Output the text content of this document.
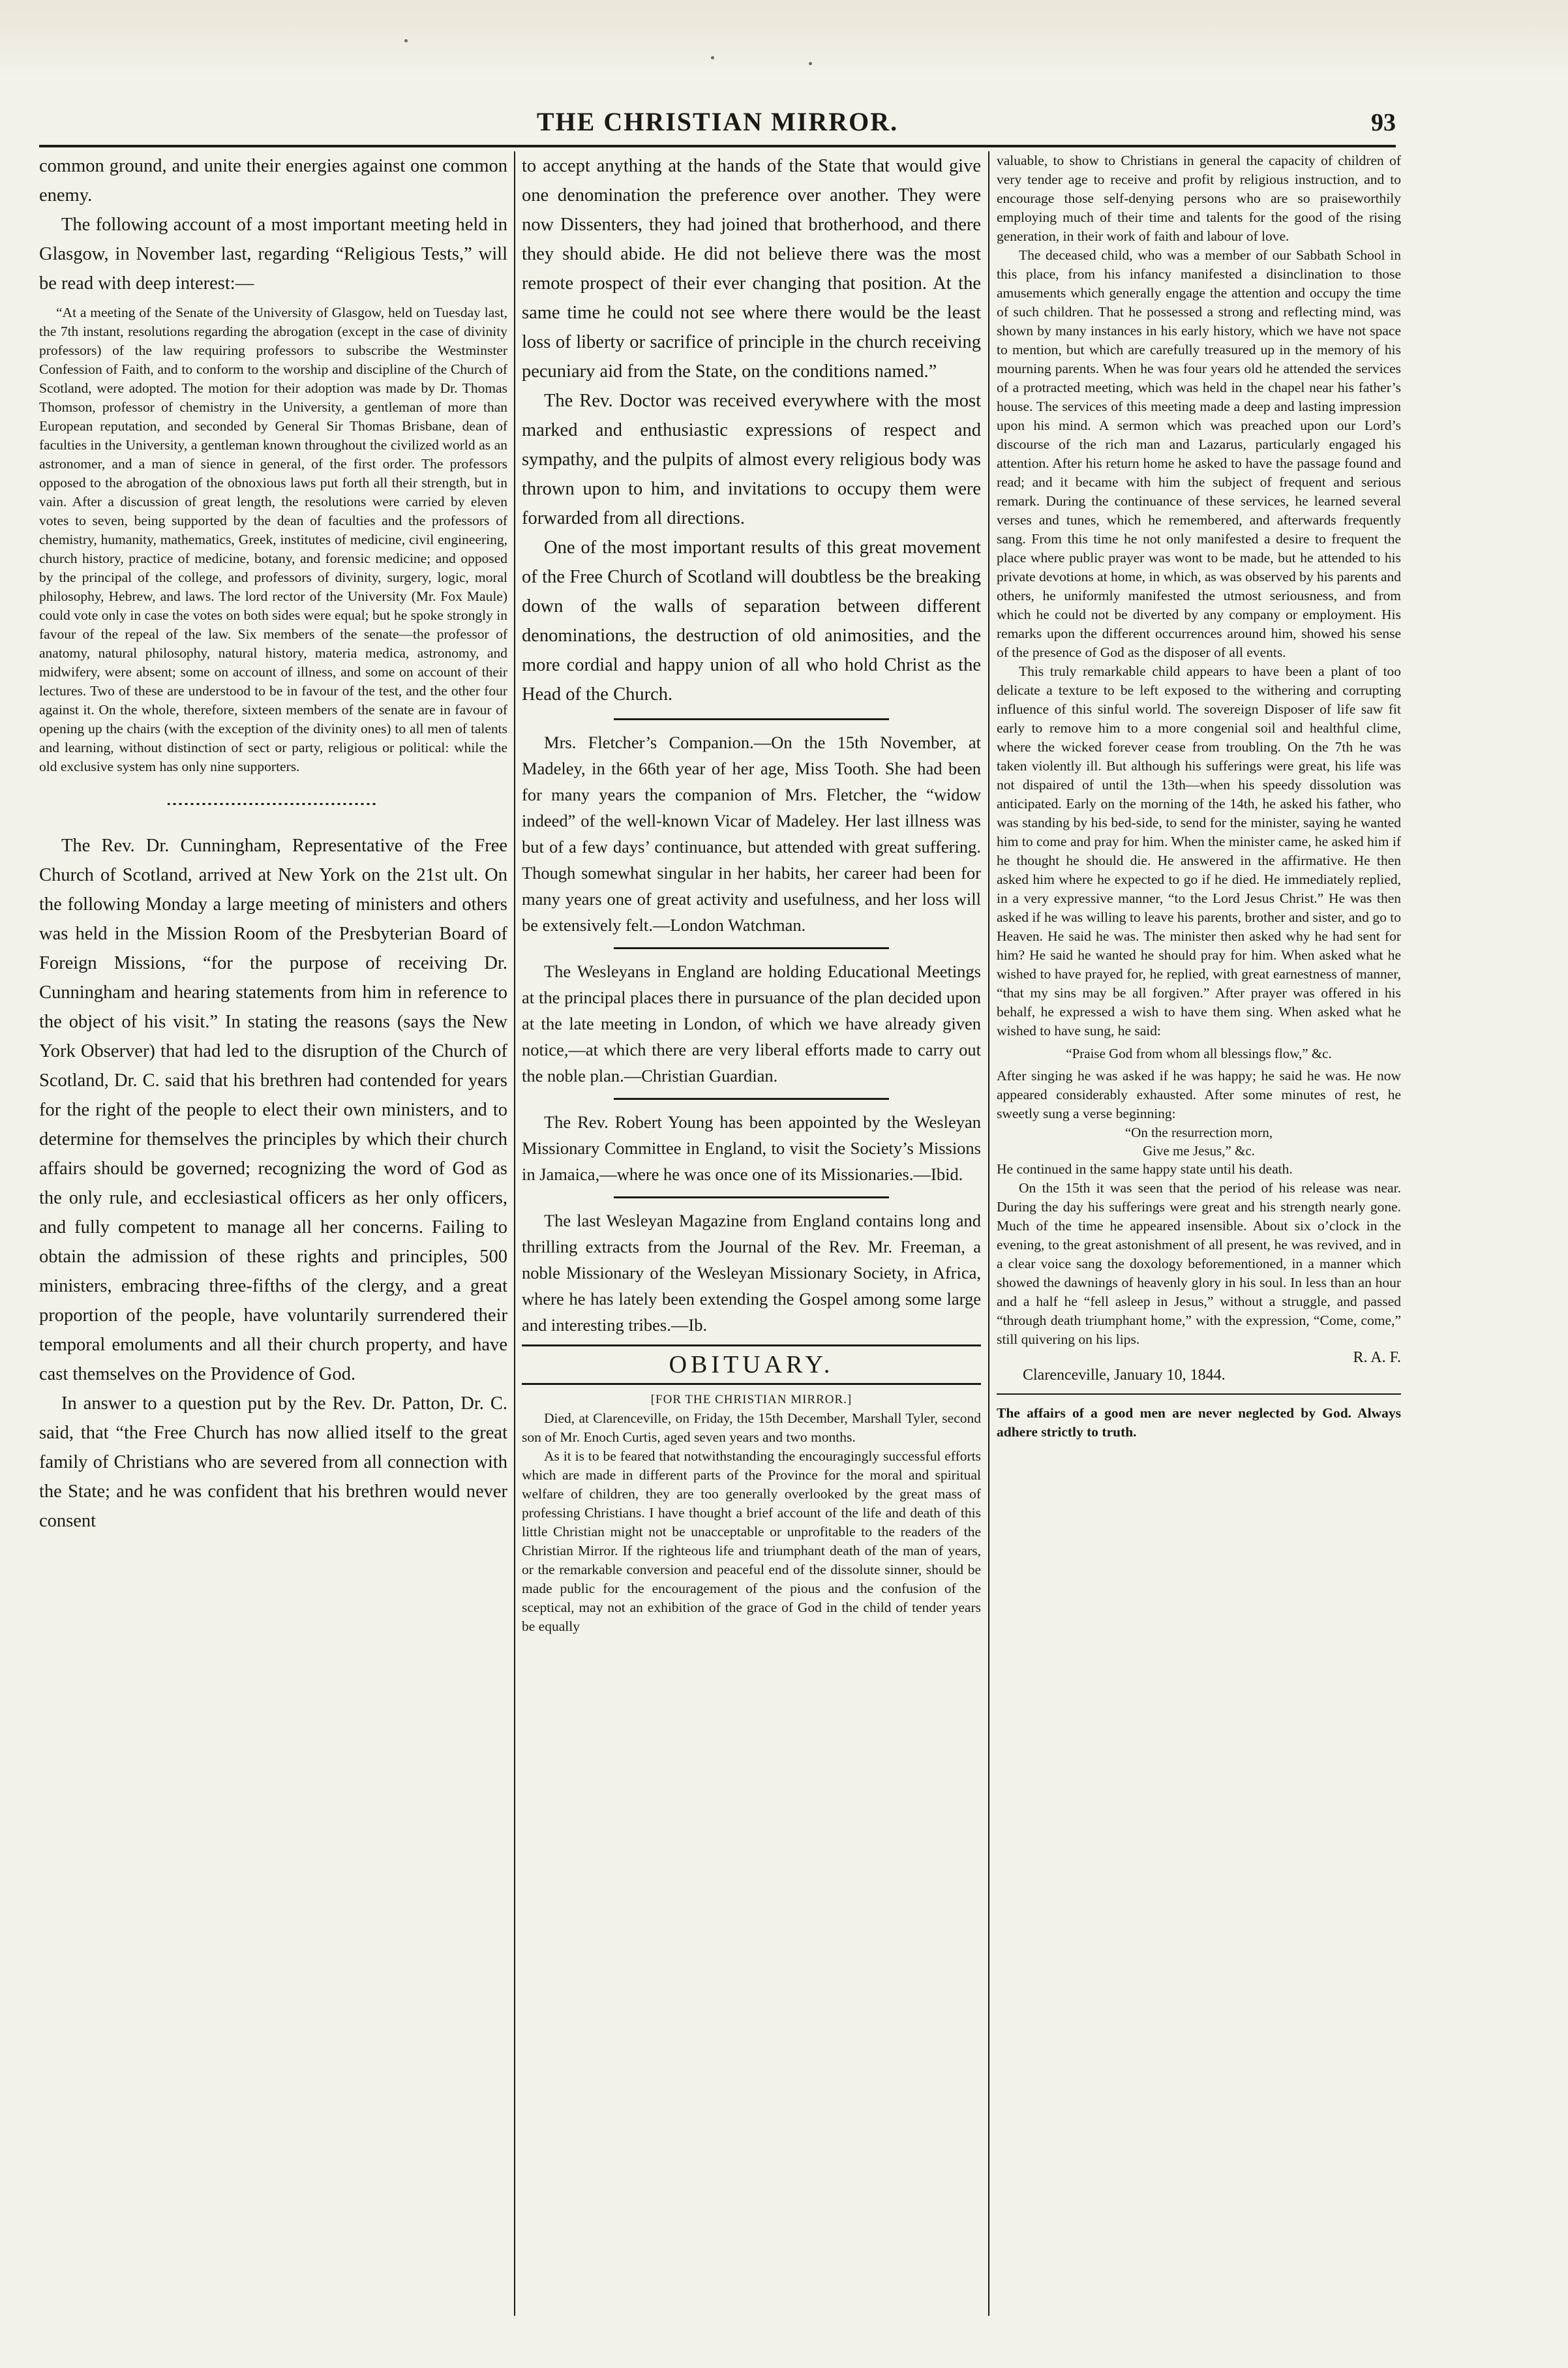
THE CHRISTIAN MIRROR.	93

common ground, and unite their energies against one common enemy.

The following account of a most important meeting held in Glasgow, in November last, regarding “Religious Tests,” will be read with deep interest:—

“At a meeting of the Senate of the University of Glasgow, held on Tuesday last, the 7th instant, resolutions regarding the abrogation (except in the case of divinity professors) of the law requiring professors to subscribe the Westminster Confession of Faith, and to conform to the worship and discipline of the Church of Scotland, were adopted. The motion for their adoption was made by Dr. Thomas Thomson, professor of chemistry in the University, a gentleman of more than European reputation, and seconded by General Sir Thomas Brisbane, dean of faculties in the University, a gentleman known throughout the civilized world as an astronomer, and a man of sience in general, of the first order. The professors opposed to the abrogation of the obnoxious laws put forth all their strength, but in vain. After a discussion of great length, the resolutions were carried by eleven votes to seven, being supported by the dean of faculties and the professors of chemistry, humanity, mathematics, Greek, institutes of medicine, civil engineering, church history, practice of medicine, botany, and forensic medicine; and opposed by the principal of the college, and professors of divinity, surgery, logic, moral philosophy, Hebrew, and laws. The lord rector of the University (Mr. Fox Maule) could vote only in case the votes on both sides were equal; but he spoke strongly in favour of the repeal of the law. Six members of the senate—the professor of anatomy, natural philosophy, natural history, materia medica, astronomy, and midwifery, were absent; some on account of illness, and some on account of their lectures. Two of these are understood to be in favour of the test, and the other four against it. On the whole, therefore, sixteen members of the senate are in favour of opening up the chairs (with the exception of the divinity ones) to all men of talents and learning, without distinction of sect or party, religious or political: while the old exclusive system has only nine supporters.

The Rev. Dr. Cunningham, Representative of the Free Church of Scotland, arrived at New York on the 21st ult. On the following Monday a large meeting of ministers and others was held in the Mission Room of the Presbyterian Board of Foreign Missions, “for the purpose of receiving Dr. Cunningham and hearing statements from him in reference to the object of his visit.” In stating the reasons (says the New York Observer) that had led to the disruption of the Church of Scotland, Dr. C. said that his brethren had contended for years for the right of the people to elect their own ministers, and to determine for themselves the principles by which their church affairs should be governed; recognizing the word of God as the only rule, and ecclesiastical officers as her only officers, and fully competent to manage all her concerns. Failing to obtain the admission of these rights and principles, 500 ministers, embracing three-fifths of the clergy, and a great proportion of the people, have voluntarily surrendered their temporal emoluments and all their church property, and have cast themselves on the Providence of God.

In answer to a question put by the Rev. Dr. Patton, Dr. C. said, that “the Free Church has now allied itself to the great family of Christians who are severed from all connection with the State; and he was confident that his brethren would never consent

to accept anything at the hands of the State that would give one denomination the preference over another. They were now Dissenters, they had joined that brotherhood, and there they should abide. He did not believe there was the most remote prospect of their ever changing that position. At the same time he could not see where there would be the least loss of liberty or sacrifice of principle in the church receiving pecuniary aid from the State, on the conditions named.”

The Rev. Doctor was received everywhere with the most marked and enthusiastic expressions of respect and sympathy, and the pulpits of almost every religious body was thrown upon to him, and invitations to occupy them were forwarded from all directions.

One of the most important results of this great movement of the Free Church of Scotland will doubtless be the breaking down of the walls of separation between different denominations, the destruction of old animosities, and the more cordial and happy union of all who hold Christ as the Head of the Church.

Mrs. Fletcher’s Companion.—On the 15th November, at Madeley, in the 66th year of her age, Miss Tooth. She had been for many years the companion of Mrs. Fletcher, the “widow indeed” of the well-known Vicar of Madeley. Her last illness was but of a few days’ continuance, but attended with great suffering. Though somewhat singular in her habits, her career had been for many years one of great activity and usefulness, and her loss will be extensively felt.—London Watchman.

The Wesleyans in England are holding Educational Meetings at the principal places there in pursuance of the plan decided upon at the late meeting in London, of which we have already given notice,—at which there are very liberal efforts made to carry out the noble plan.—Christian Guardian.

The Rev. Robert Young has been appointed by the Wesleyan Missionary Committee in England, to visit the Society’s Missions in Jamaica,—where he was once one of its Missionaries.—Ibid.

The last Wesleyan Magazine from England contains long and thrilling extracts from the Journal of the Rev. Mr. Freeman, a noble Missionary of the Wesleyan Missionary Society, in Africa, where he has lately been extending the Gospel among some large and interesting tribes.—Ib.

OBITUARY.

[FOR THE CHRISTIAN MIRROR.]

Died, at Clarenceville, on Friday, the 15th December, Marshall Tyler, second son of Mr. Enoch Curtis, aged seven years and two months.

As it is to be feared that notwithstanding the encouragingly successful efforts which are made in different parts of the Province for the moral and spiritual welfare of children, they are too generally overlooked by the great mass of professing Christians. I have thought a brief account of the life and death of this little Christian might not be unacceptable or unprofitable to the readers of the Christian Mirror. If the righteous life and triumphant death of the man of years, or the remarkable conversion and peaceful end of the dissolute sinner, should be made public for the encouragement of the pious and the confusion of the sceptical, may not an exhibition of the grace of God in the child of tender years be equally

valuable, to show to Christians in general the capacity of children of very tender age to receive and profit by religious instruction, and to encourage those self-denying persons who are so praiseworthily employing much of their time and talents for the good of the rising generation, in their work of faith and labour of love.

The deceased child, who was a member of our Sabbath School in this place, from his infancy manifested a disinclination to those amusements which generally engage the attention and occupy the time of such children. That he possessed a strong and reflecting mind, was shown by many instances in his early history, which we have not space to mention, but which are carefully treasured up in the memory of his mourning parents. When he was four years old he attended the services of a protracted meeting, which was held in the chapel near his father’s house. The services of this meeting made a deep and lasting impression upon his mind. A sermon which was preached upon our Lord’s discourse of the rich man and Lazarus, particularly engaged his attention. After his return home he asked to have the passage found and read; and it became with him the subject of frequent and serious remark. During the continuance of these services, he learned several verses and tunes, which he remembered, and afterwards frequently sang. From this time he not only manifested a desire to frequent the place where public prayer was wont to be made, but he attended to his private devotions at home, in which, as was observed by his parents and others, he uniformly manifested the utmost seriousness, and from which he could not be diverted by any company or employment. His remarks upon the different occurrences around him, showed his sense of the presence of God as the disposer of all events.

This truly remarkable child appears to have been a plant of too delicate a texture to be left exposed to the withering and corrupting influence of this sinful world. The sovereign Disposer of life saw fit early to remove him to a more congenial soil and healthful clime, where the wicked forever cease from troubling. On the 7th he was taken violently ill. But although his sufferings were great, his life was not dispaired of until the 13th—when his speedy dissolution was anticipated. Early on the morning of the 14th, he asked his father, who was standing by his bed-side, to send for the minister, saying he wanted him to come and pray for him. When the minister came, he asked him if he thought he should die. He answered in the affirmative. He then asked him where he expected to go if he died. He immediately replied, in a very expressive manner, “to the Lord Jesus Christ.” He was then asked if he was willing to leave his parents, brother and sister, and go to Heaven. He said he was. The minister then asked why he had sent for him? He said he wanted he should pray for him. When asked what he wished to have prayed for, he replied, with great earnestness of manner, “that my sins may be all forgiven.” After prayer was offered in his behalf, he expressed a wish to have them sing. When asked what he wished to have sung, he said:

“Praise God from whom all blessings flow,” &c.

After singing he was asked if he was happy; he said he was. He now appeared considerably exhausted. After some minutes of rest, he sweetly sung a verse beginning:

“On the resurrection morn,

Give me Jesus,” &c.

He continued in the same happy state until his death.

On the 15th it was seen that the period of his release was near. During the day his sufferings were great and his strength nearly gone. Much of the time he appeared insensible. About six o’clock in the evening, to the great astonishment of all present, he was revived, and in a clear voice sang the doxology beforementioned, in a manner which showed the dawnings of heavenly glory in his soul. In less than an hour and a half he “fell asleep in Jesus,” without a struggle, and passed “through death triumphant home,” with the expression, “Come, come,” still quivering on his lips.

R. A. F.

Clarenceville, January 10, 1844.

The affairs of a good men are never neglected by God. Always adhere strictly to truth.
